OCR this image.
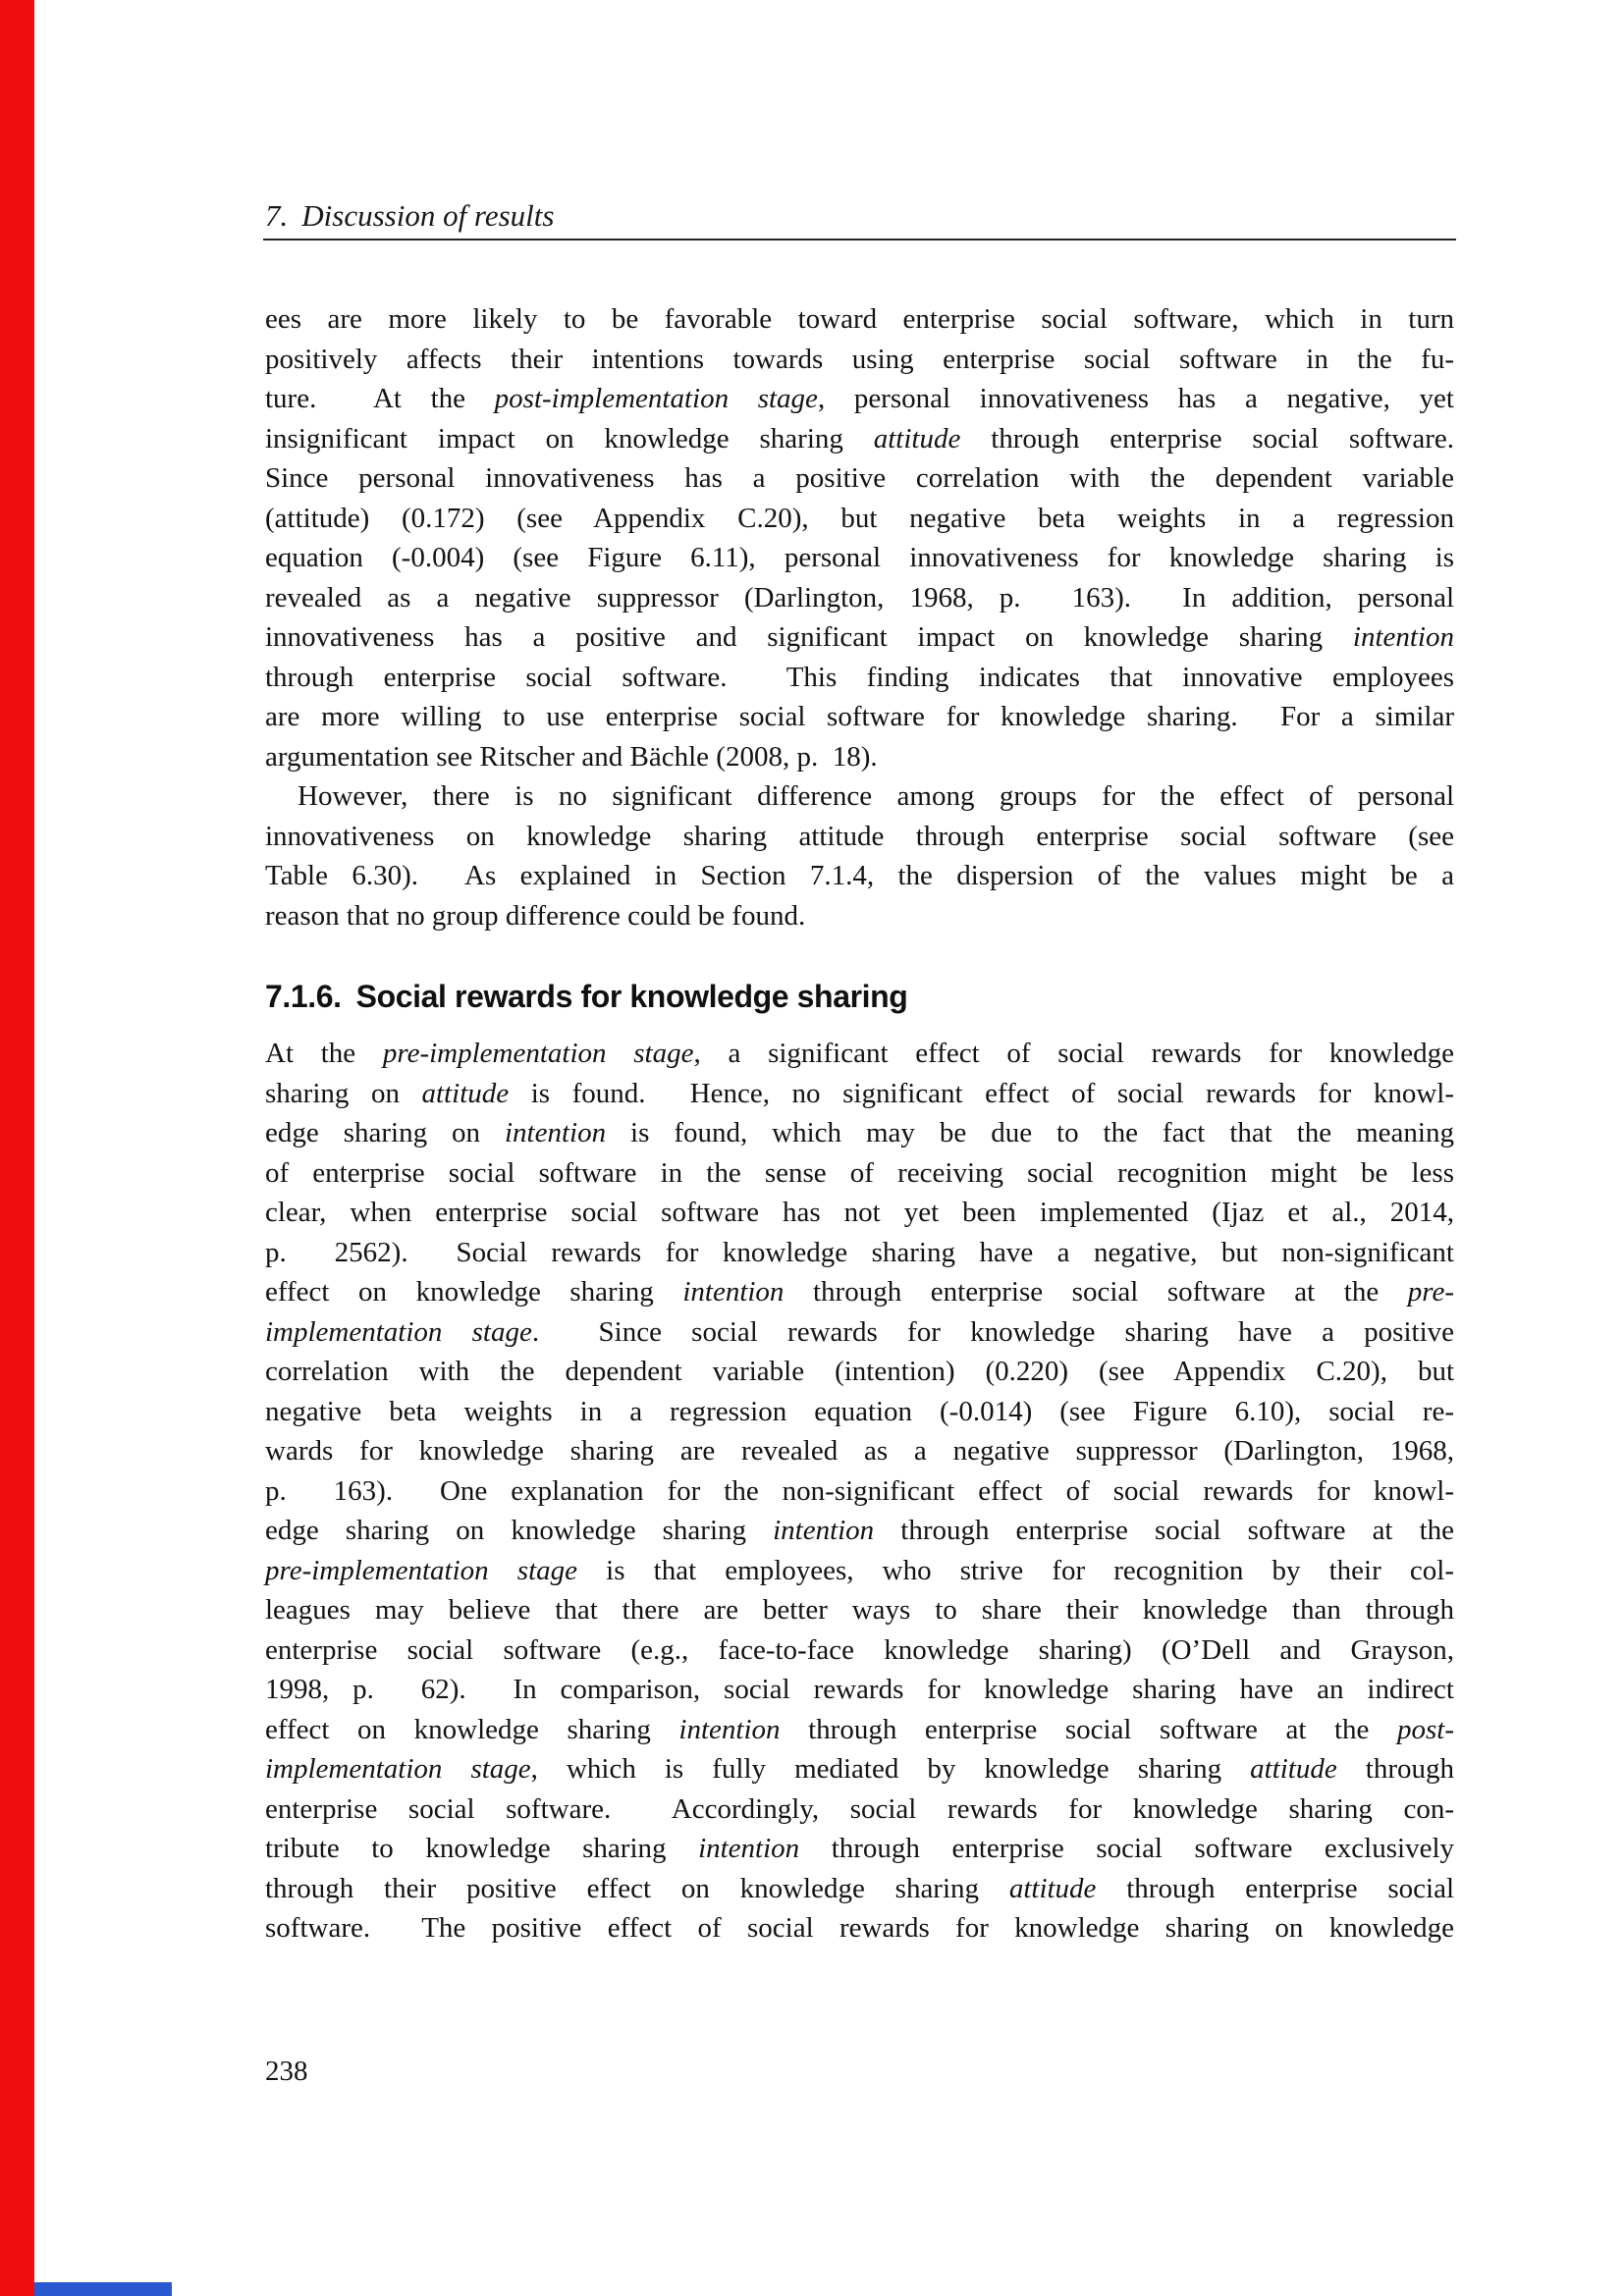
7. Discussion of results
ees are more likely to be favorable toward enterprise social software, which in turn
positively affects their intentions towards using enterprise social software in the fu-
ture.  At the post-implementation stage, personal innovativeness has a negative, yet
insignificant impact on knowledge sharing attitude through enterprise social software.
Since personal innovativeness has a positive correlation with the dependent variable
(attitude) (0.172) (see Appendix C.20), but negative beta weights in a regression
equation (-0.004) (see Figure 6.11), personal innovativeness for knowledge sharing is
revealed as a negative suppressor (Darlington, 1968, p.  163).  In addition, personal
innovativeness has a positive and significant impact on knowledge sharing intention
through enterprise social software.  This finding indicates that innovative employees
are more willing to use enterprise social software for knowledge sharing.  For a similar
argumentation see Ritscher and Bächle (2008, p.  18).
However, there is no significant difference among groups for the effect of personal
innovativeness on knowledge sharing attitude through enterprise social software (see
Table 6.30).  As explained in Section 7.1.4, the dispersion of the values might be a
reason that no group difference could be found.
7.1.6. Social rewards for knowledge sharing
At the pre-implementation stage, a significant effect of social rewards for knowledge
sharing on attitude is found.  Hence, no significant effect of social rewards for knowl-
edge sharing on intention is found, which may be due to the fact that the meaning
of enterprise social software in the sense of receiving social recognition might be less
clear, when enterprise social software has not yet been implemented (Ijaz et al., 2014,
p.  2562).  Social rewards for knowledge sharing have a negative, but non-significant
effect on knowledge sharing intention through enterprise social software at the pre-
implementation stage.  Since social rewards for knowledge sharing have a positive
correlation with the dependent variable (intention) (0.220) (see Appendix C.20), but
negative beta weights in a regression equation (-0.014) (see Figure 6.10), social re-
wards for knowledge sharing are revealed as a negative suppressor (Darlington, 1968,
p.  163).  One explanation for the non-significant effect of social rewards for knowl-
edge sharing on knowledge sharing intention through enterprise social software at the
pre-implementation stage is that employees, who strive for recognition by their col-
leagues may believe that there are better ways to share their knowledge than through
enterprise social software (e.g., face-to-face knowledge sharing) (O’Dell and Grayson,
1998, p.  62).  In comparison, social rewards for knowledge sharing have an indirect
effect on knowledge sharing intention through enterprise social software at the post-
implementation stage, which is fully mediated by knowledge sharing attitude through
enterprise social software.  Accordingly, social rewards for knowledge sharing con-
tribute to knowledge sharing intention through enterprise social software exclusively
through their positive effect on knowledge sharing attitude through enterprise social
software.  The positive effect of social rewards for knowledge sharing on knowledge
238
